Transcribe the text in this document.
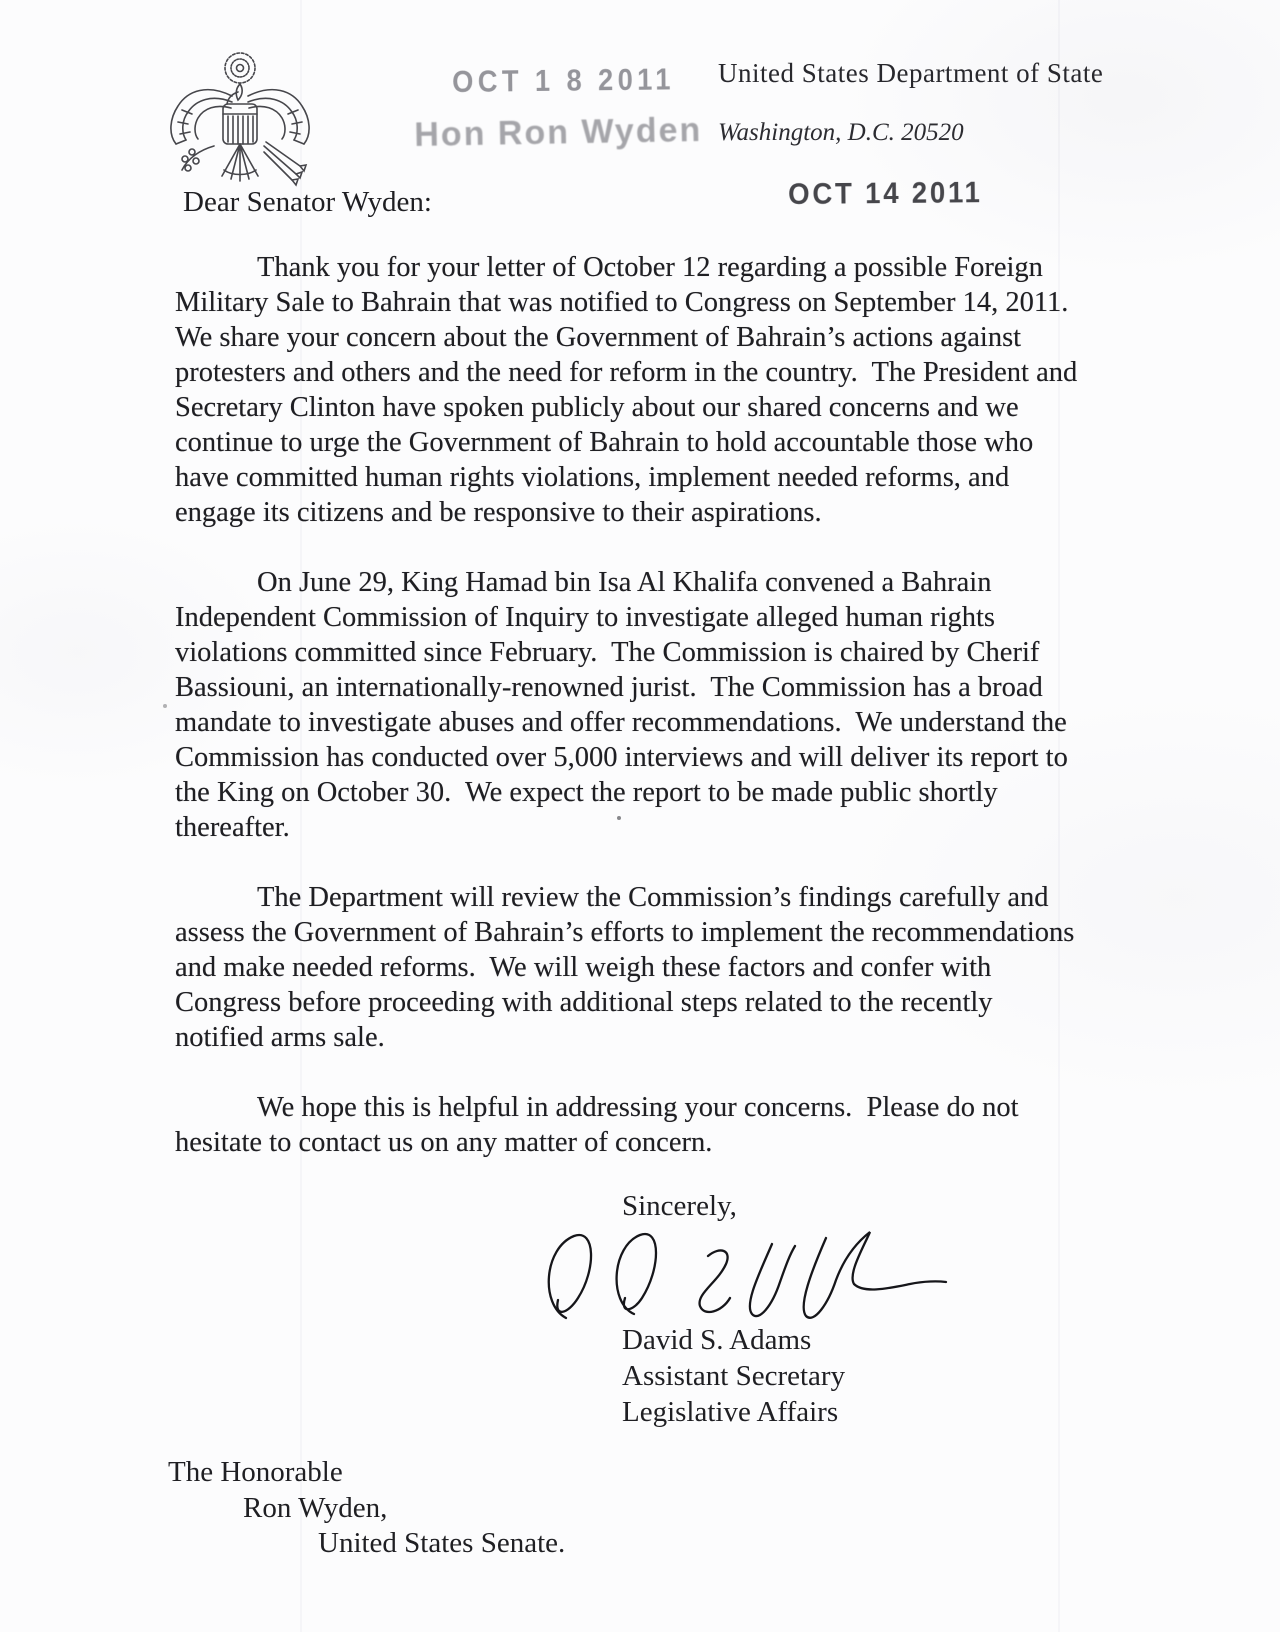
OCT 1 8 2011
Hon Ron Wyden
United States Department of State
Washington, D.C. 20520
OCT 14 2011
Dear Senator Wyden:

Thank you for your letter of October 12 regarding a possible Foreign Military Sale to Bahrain that was notified to Congress on September 14, 2011.  We share your concern about the Government of Bahrain’s actions against protesters and others and the need for reform in the country.  The President and Secretary Clinton have spoken publicly about our shared concerns and we continue to urge the Government of Bahrain to hold accountable those who have committed human rights violations, implement needed reforms, and engage its citizens and be responsive to their aspirations.

On June 29, King Hamad bin Isa Al Khalifa convened a Bahrain Independent Commission of Inquiry to investigate alleged human rights violations committed since February.  The Commission is chaired by Cherif Bassiouni, an internationally-renowned jurist.  The Commission has a broad mandate to investigate abuses and offer recommendations.  We understand the Commission has conducted over 5,000 interviews and will deliver its report to the King on October 30.  We expect the report to be made public shortly thereafter.

The Department will review the Commission’s findings carefully and assess the Government of Bahrain’s efforts to implement the recommendations and make needed reforms.  We will weigh these factors and confer with Congress before proceeding with additional steps related to the recently notified arms sale.

We hope this is helpful in addressing your concerns.  Please do not hesitate to contact us on any matter of concern.

Sincerely,
David S. Adams
Assistant Secretary
Legislative Affairs
The Honorable
Ron Wyden,
United States Senate.
